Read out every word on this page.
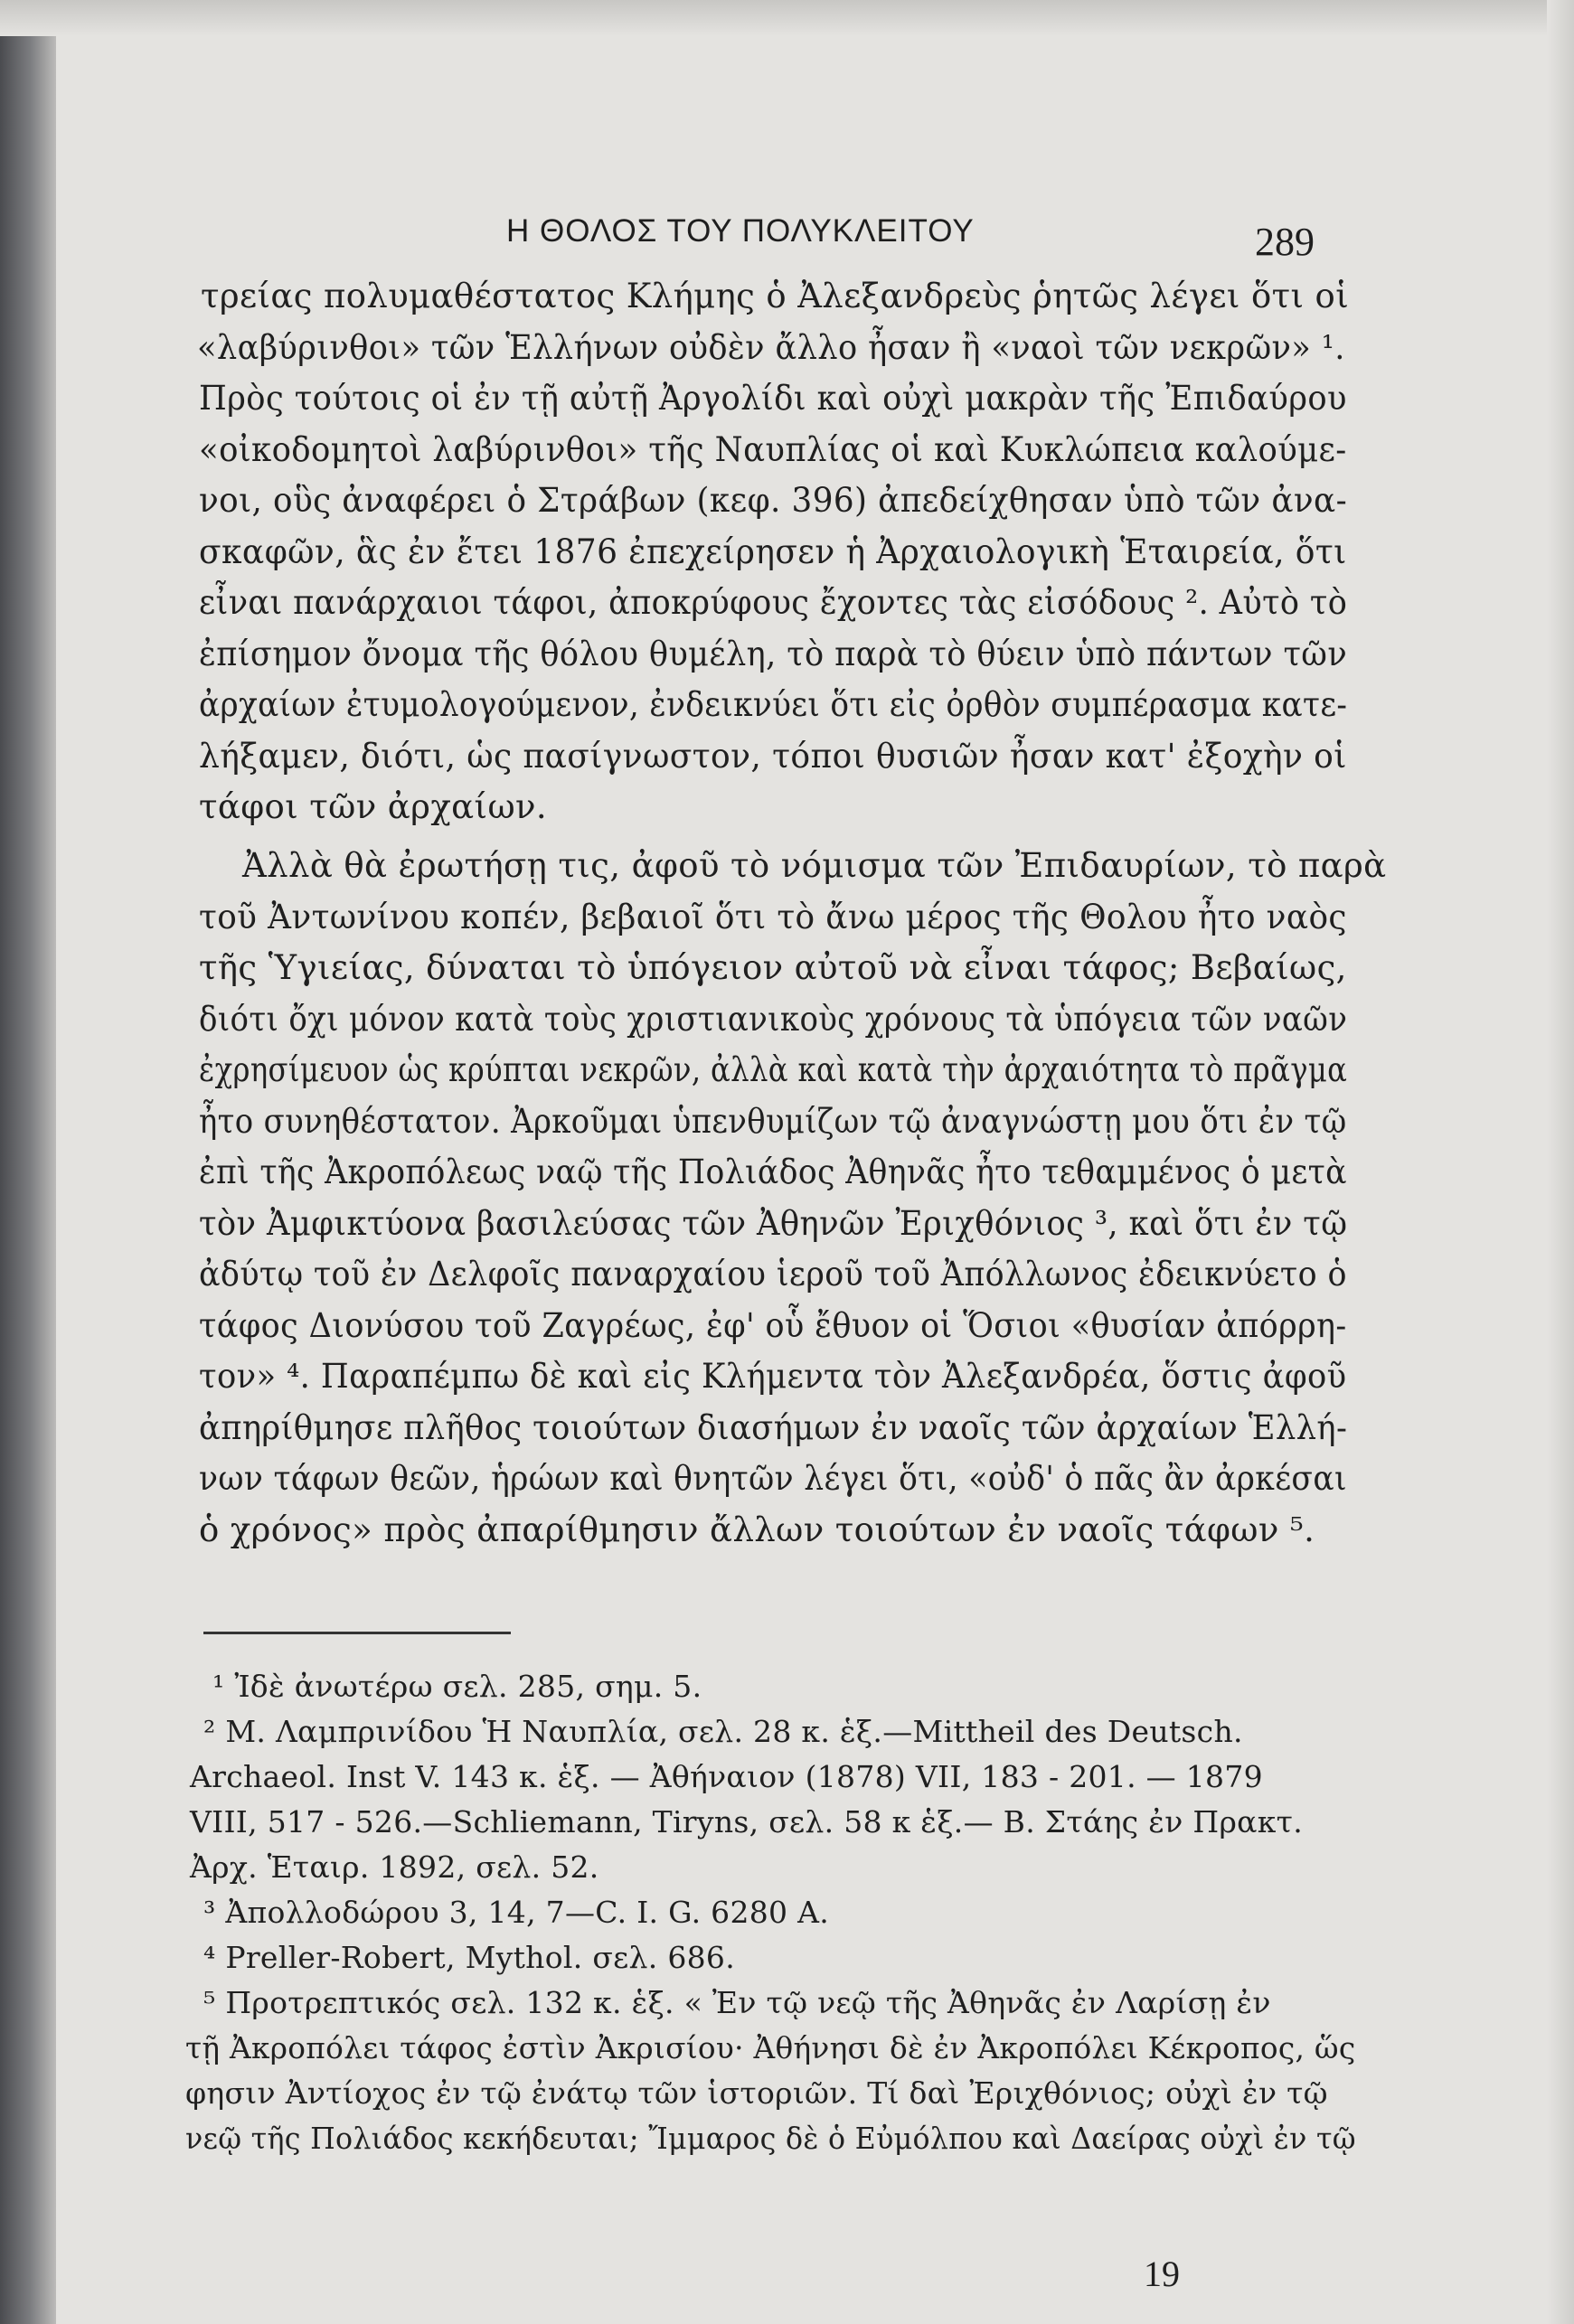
Η ΘΟΛΟΣ ΤΟΥ ΠΟΛΥΚΛΕΙΤΟΥ	289
τρείας πολυμαθέστατος Κλήμης ὁ Ἀλεξανδρεὺς ῥητῶς λέγει ὅτι οἱ
«λαβύρινθοι» τῶν Ἑλλήνων οὐδὲν ἄλλο ἦσαν ἢ «ναοὶ τῶν νεκρῶν» ¹.
Πρὸς τούτοις οἱ ἐν τῇ αὐτῇ Ἀργολίδι καὶ οὐχὶ μακρὰν τῆς Ἐπιδαύρου
«οἰκοδομητοὶ λαβύρινθοι» τῆς Ναυπλίας οἱ καὶ Κυκλώπεια καλούμε-
νοι, οὓς ἀναφέρει ὁ Στράβων (κεφ. 396) ἀπεδείχθησαν ὑπὸ τῶν ἀνα-
σκαφῶν, ἃς ἐν ἔτει 1876 ἐπεχείρησεν ἡ Ἀρχαιολογικὴ Ἑταιρεία, ὅτι
εἶναι πανάρχαιοι τάφοι, ἀποκρύφους ἔχοντες τὰς εἰσόδους ². Αὐτὸ τὸ
ἐπίσημον ὄνομα τῆς θόλου θυμέλη, τὸ παρὰ τὸ θύειν ὑπὸ πάντων τῶν
ἀρχαίων ἐτυμολογούμενον, ἐνδεικνύει ὅτι εἰς ὀρθὸν συμπέρασμα κατε-
λήξαμεν, διότι, ὡς πασίγνωστον, τόποι θυσιῶν ἦσαν κατ' ἐξοχὴν οἱ
τάφοι τῶν ἀρχαίων.
Ἀλλὰ θὰ ἐρωτήσῃ τις, ἀφοῦ τὸ νόμισμα τῶν Ἐπιδαυρίων, τὸ παρὰ
τοῦ Ἀντωνίνου κοπέν, βεβαιοῖ ὅτι τὸ ἄνω μέρος τῆς Θολου ἦτο ναὸς
τῆς Ὑγιείας, δύναται τὸ ὑπόγειον αὐτοῦ νὰ εἶναι τάφος; Βεβαίως,
διότι ὄχι μόνον κατὰ τοὺς χριστιανικοὺς χρόνους τὰ ὑπόγεια τῶν ναῶν
ἐχρησίμευον ὡς κρύπται νεκρῶν, ἀλλὰ καὶ κατὰ τὴν ἀρχαιότητα τὸ πρᾶγμα
ἦτο συνηθέστατον. Ἀρκοῦμαι ὑπενθυμίζων τῷ ἀναγνώστῃ μου ὅτι ἐν τῷ
ἐπὶ τῆς Ἀκροπόλεως ναῷ τῆς Πολιάδος Ἀθηνᾶς ἦτο τεθαμμένος ὁ μετὰ
τὸν Ἀμφικτύονα βασιλεύσας τῶν Ἀθηνῶν Ἐριχθόνιος ³, καὶ ὅτι ἐν τῷ
ἀδύτῳ τοῦ ἐν Δελφοῖς παναρχαίου ἱεροῦ τοῦ Ἀπόλλωνος ἐδεικνύετο ὁ
τάφος Διονύσου τοῦ Ζαγρέως, ἐφ' οὗ ἔθυον οἱ Ὅσιοι «θυσίαν ἀπόρρη-
τον» ⁴. Παραπέμπω δὲ καὶ εἰς Κλήμεντα τὸν Ἀλεξανδρέα, ὅστις ἀφοῦ
ἀπηρίθμησε πλῆθος τοιούτων διασήμων ἐν ναοῖς τῶν ἀρχαίων Ἑλλή-
νων τάφων θεῶν, ἡρώων καὶ θνητῶν λέγει ὅτι, «οὐδ' ὁ πᾶς ἂν ἀρκέσαι
ὁ χρόνος» πρὸς ἀπαρίθμησιν ἄλλων τοιούτων ἐν ναοῖς τάφων ⁵.
¹ Ἰδὲ ἀνωτέρω σελ. 285, σημ. 5.
² Μ. Λαμπρινίδου Ἡ Ναυπλία, σελ. 28 κ. ἑξ.—Mittheil des Deutsch.
Archaeol. Inst V. 143 κ. ἑξ. — Ἀθήναιον (1878) VII, 183 - 201. — 1879
VIII, 517 - 526.—Schliemann, Tiryns, σελ. 58 κ ἑξ.— Β. Στάης ἐν Πρακτ.
Ἀρχ. Ἑταιρ. 1892, σελ. 52.
³ Ἀπολλοδώρου 3, 14, 7—C. I. G. 6280 A.
⁴ Preller-Robert, Mythol. σελ. 686.
⁵ Προτρεπτικός σελ. 132 κ. ἑξ. « Ἐν τῷ νεῷ τῆς Ἀθηνᾶς ἐν Λαρίσῃ ἐν
τῇ Ἀκροπόλει τάφος ἐστὶν Ἀκρισίου· Ἀθήνησι δὲ ἐν Ἀκροπόλει Κέκροπος, ὥς
φησιν Ἀντίοχος ἐν τῷ ἐνάτῳ τῶν ἱστοριῶν. Τί δαὶ Ἐριχθόνιος; οὐχὶ ἐν τῷ
νεῷ τῆς Πολιάδος κεκήδευται; Ἴμμαρος δὲ ὁ Εὐμόλπου καὶ Δαείρας οὐχὶ ἐν τῷ
19
